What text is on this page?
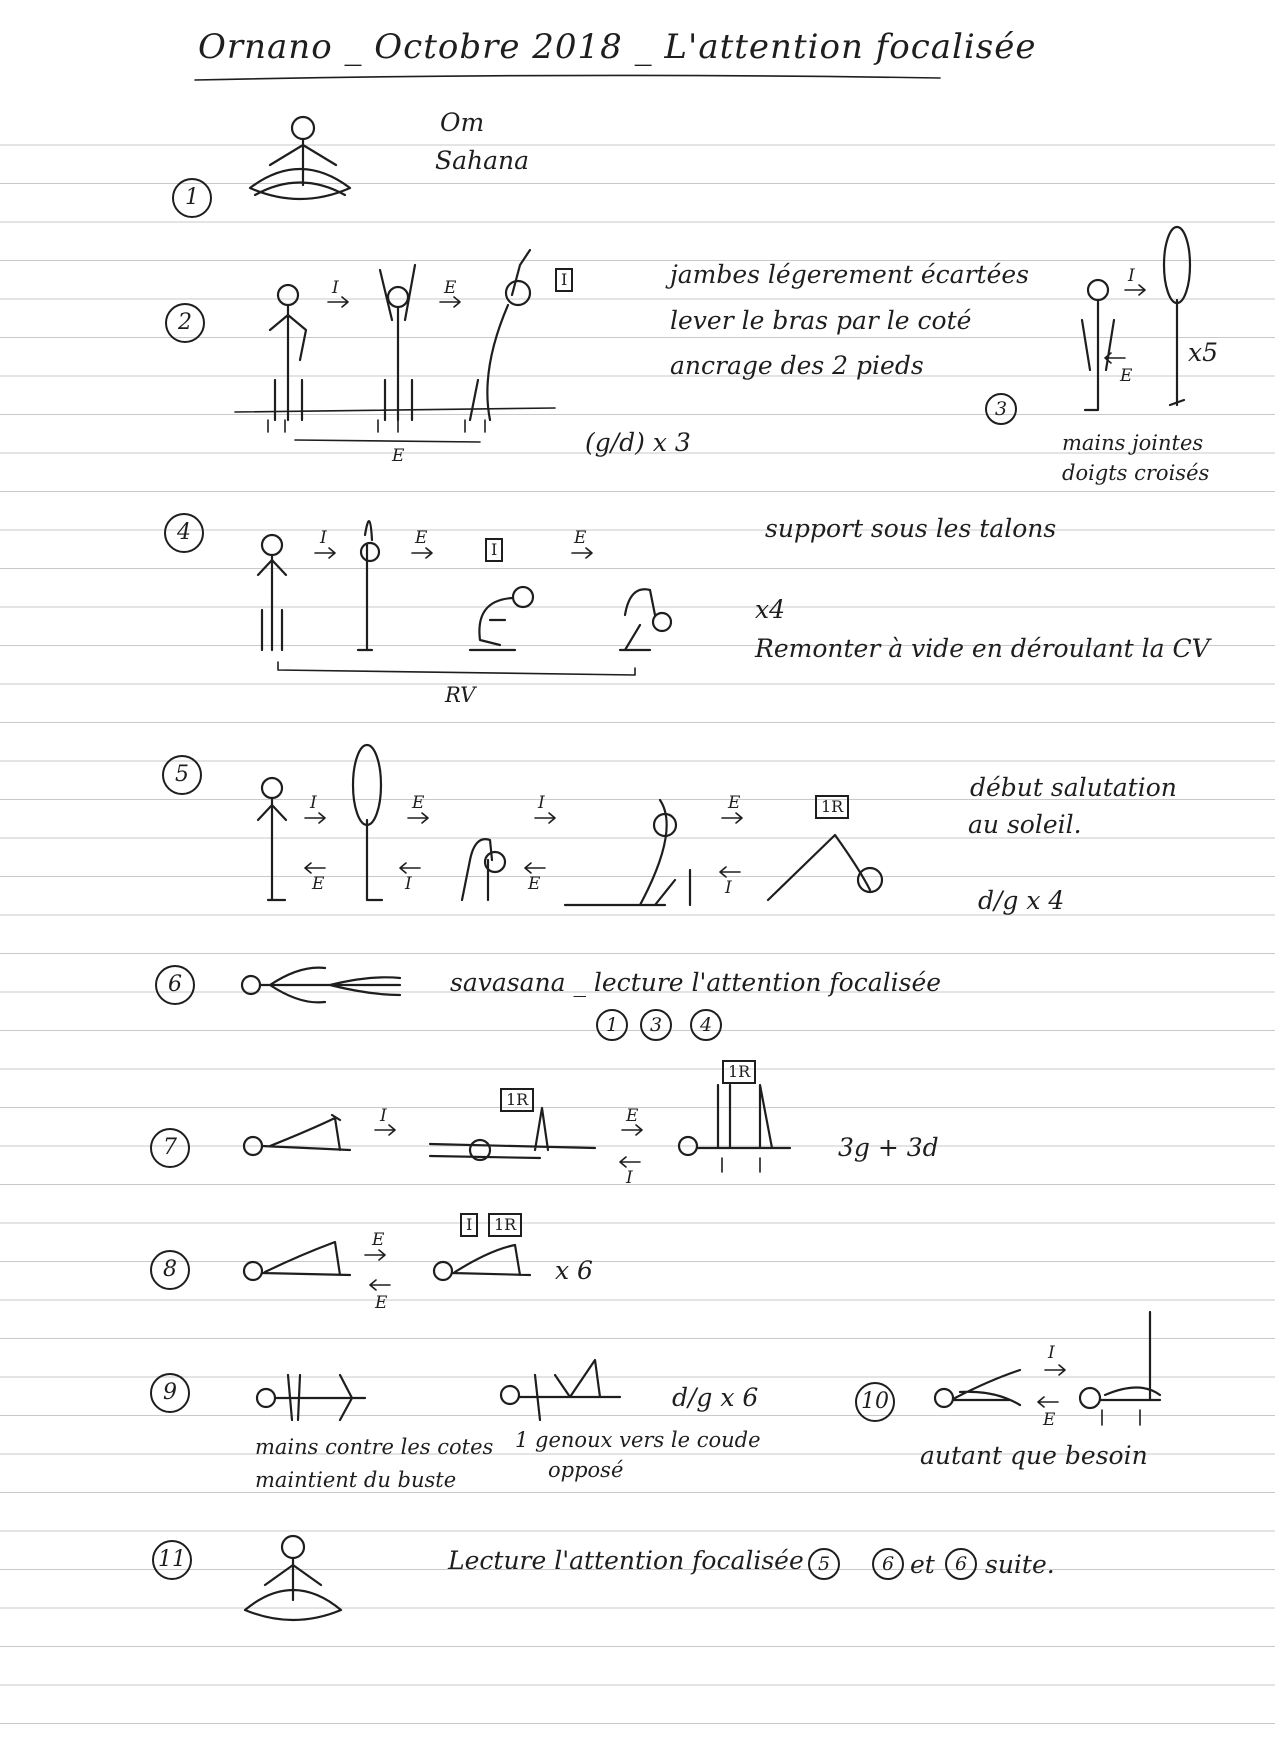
Ornano _ Octobre 2018 _ L'attention focalisée
1
2
3
4
5
6
7
8
9	10
11
Om
Sahana
jambes légerement écartées
lever le bras par le coté
ancrage des 2 pieds
(g/d) x 3
x5
mains jointes
doigts croisés
support sous les talons
x4
Remonter à vide en déroulant la CV
RV
début salutation
au soleil.
d/g x 4
savasana _ lecture l'attention focalisée
1	3	4
3g + 3d
x 6
mains contre les cotes
maintient du buste
1 genoux vers le coude
opposé
d/g x 6
autant que besoin
Lecture l'attention focalisée 5	6 et	6 suite.
I	E	I
E
I
E
I	E
I
E
I	E	I	E	1R
E	I	E	I
I
1R
E
I
1R
E
E
I	1R
I
E
